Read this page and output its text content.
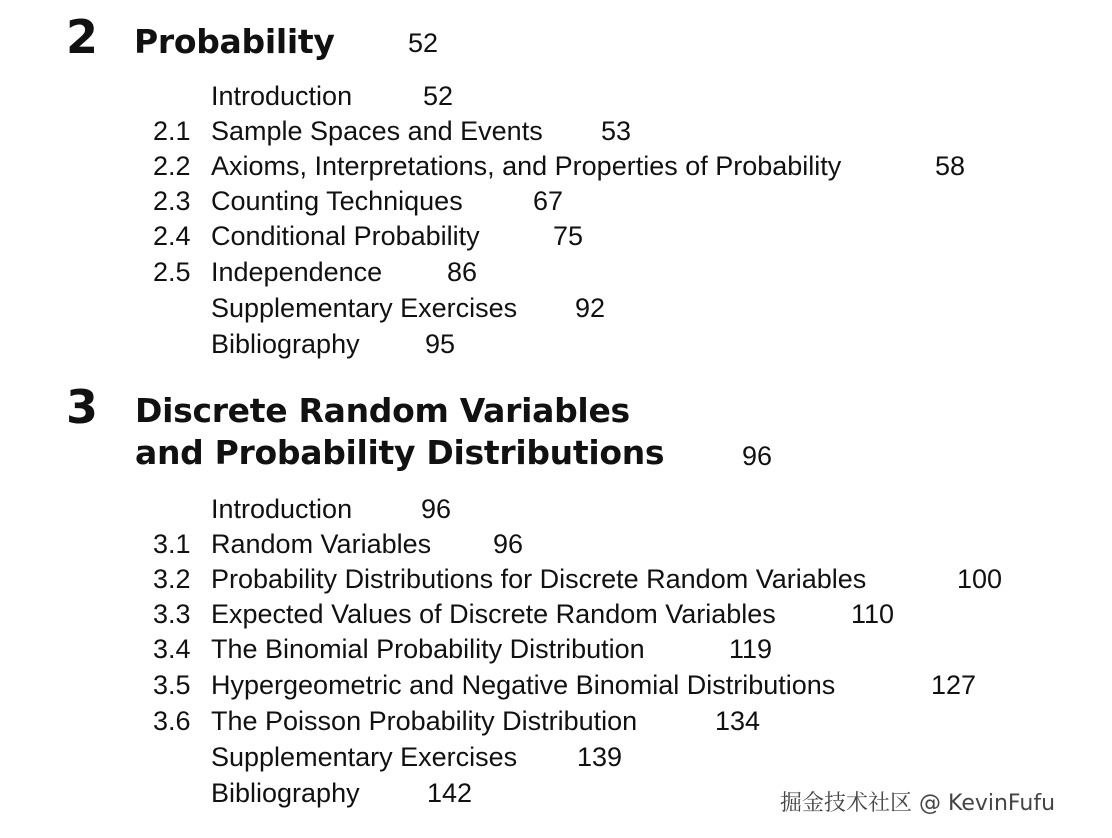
2 Probability	52
Introduction	52
2.1 Sample Spaces and Events 53
2.2 Axioms, Interpretations, and Properties of Probability	58
2.3 Counting Techniques	67
2.4 Conditional Probability	75
2.5 Independence 86
Supplementary Exercises 92
Bibliography 95
3 Discrete Random Variables
and Probability Distributions	96
Introduction	96
3.1 Random Variables 96
3.2 Probability Distributions for Discrete Random Variables	100
3.3 Expected Values of Discrete Random Variables	110
3.4 The Binomial Probability Distribution	119
3.5 Hypergeometric and Negative Binomial Distributions	127
3.6 The Poisson Probability Distribution	134
Supplementary Exercises 139
Bibliography 142	掘金技术社区 @ KevinFufu
